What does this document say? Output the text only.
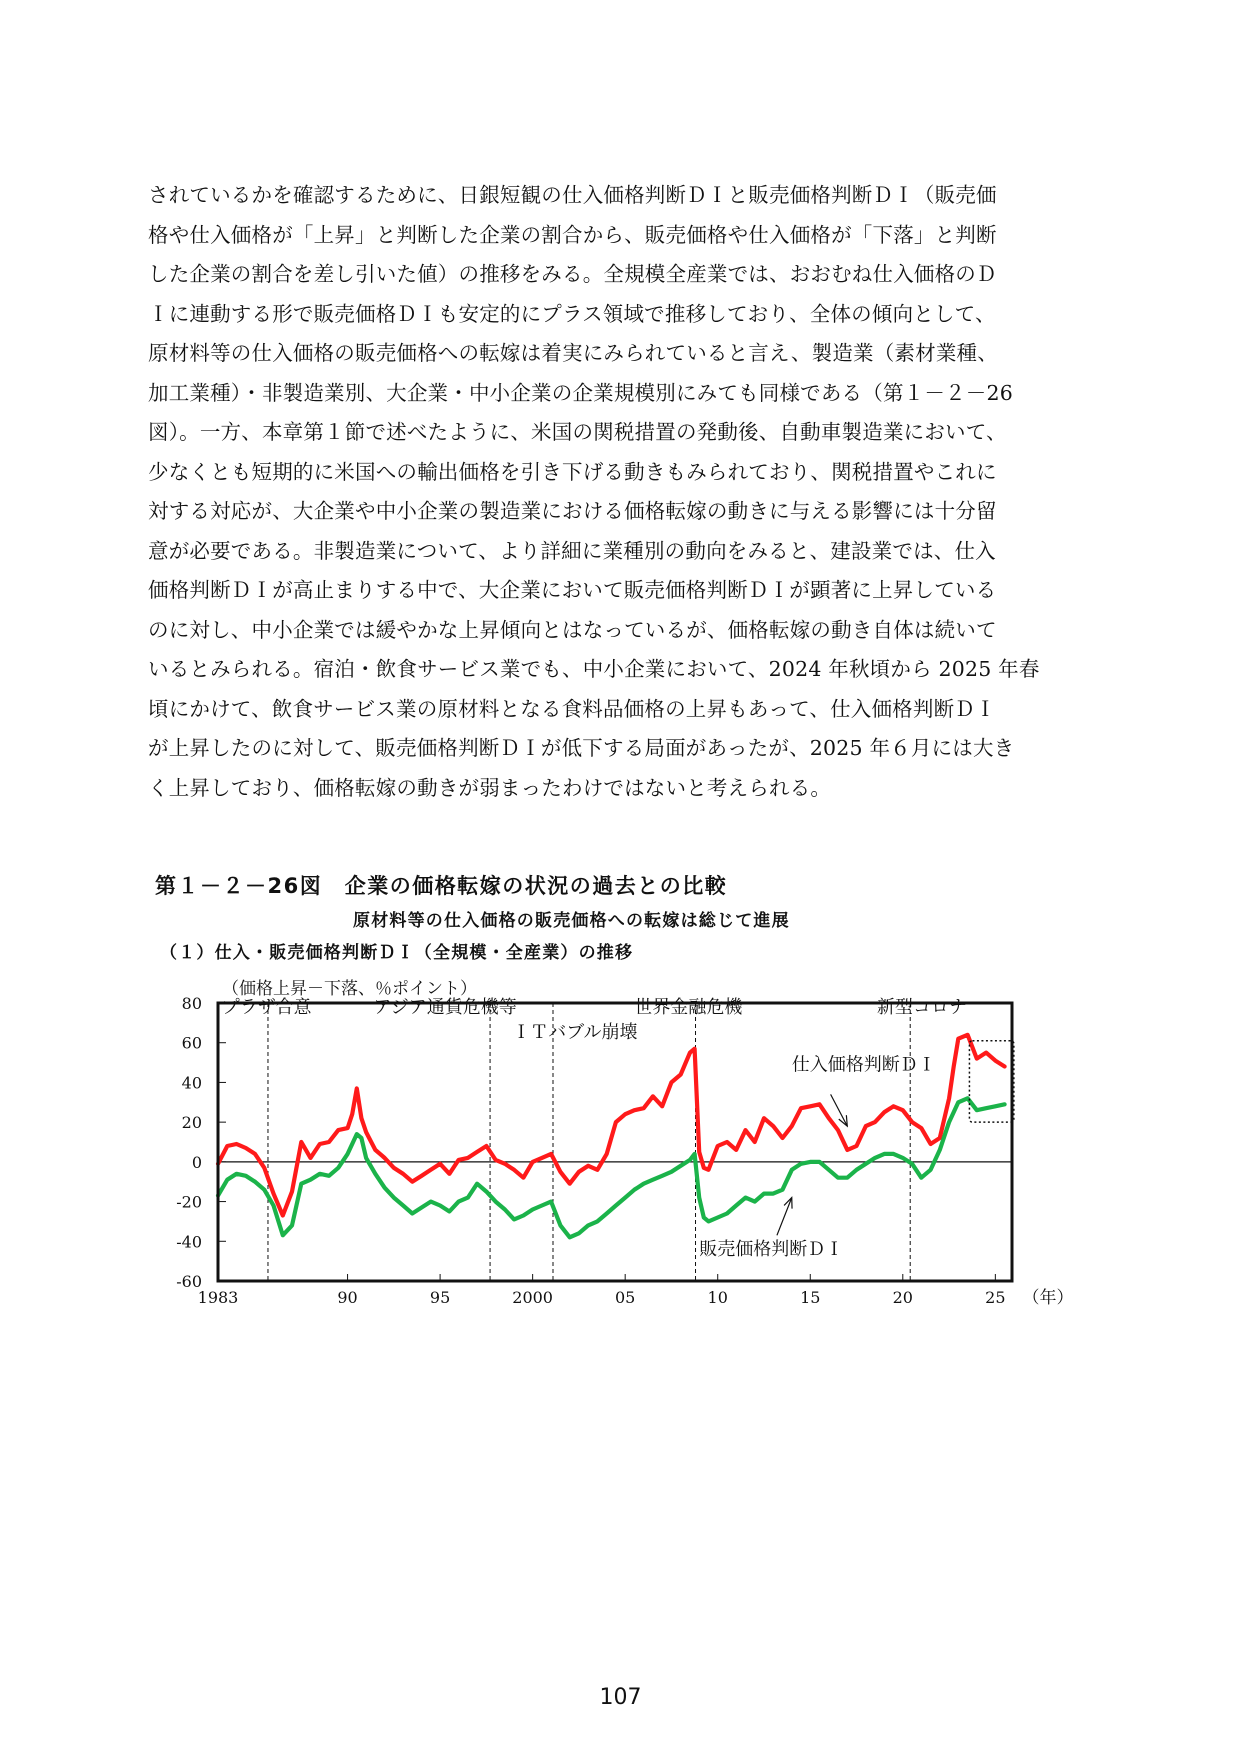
されているかを確認するために、日銀短観の仕入価格判断ＤＩと販売価格判断ＤＩ（販売価
格や仕入価格が「上昇」と判断した企業の割合から、販売価格や仕入価格が「下落」と判断
した企業の割合を差し引いた値）の推移をみる。全規模全産業では、おおむね仕入価格のＤ
Ｉに連動する形で販売価格ＤＩも安定的にプラス領域で推移しており、全体の傾向として、
原材料等の仕入価格の販売価格への転嫁は着実にみられていると言え、製造業（素材業種、
加工業種）・非製造業別、大企業・中小企業の企業規模別にみても同様である（第１－２－26
図）。一方、本章第１節で述べたように、米国の関税措置の発動後、自動車製造業において、
少なくとも短期的に米国への輸出価格を引き下げる動きもみられており、関税措置やこれに
対する対応が、大企業や中小企業の製造業における価格転嫁の動きに与える影響には十分留
意が必要である。非製造業について、より詳細に業種別の動向をみると、建設業では、仕入
価格判断ＤＩが高止まりする中で、大企業において販売価格判断ＤＩが顕著に上昇している
のに対し、中小企業では緩やかな上昇傾向とはなっているが、価格転嫁の動き自体は続いて
いるとみられる。宿泊・飲食サービス業でも、中小企業において、2024 年秋頃から 2025 年春
頃にかけて、飲食サービス業の原材料となる食料品価格の上昇もあって、仕入価格判断ＤＩ
が上昇したのに対して、販売価格判断ＤＩが低下する局面があったが、2025 年６月には大き
く上昇しており、価格転嫁の動きが弱まったわけではないと考えられる。
第１－２－26図　企業の価格転嫁の状況の過去との比較
原材料等の仕入価格の販売価格への転嫁は総じて進展
（１）仕入・販売価格判断ＤＩ（全規模・全産業）の推移
（価格上昇－下落、％ポイント）
80
60
40
20
0
-20
-40
-60
1983	90	95	2000	05	10	15	20	25 （年）
プラザ合意	アジア通貨危機等
ＩＴバブル崩壊
世界金融危機	新型コロナ
仕入価格判断ＤＩ
販売価格判断ＤＩ
107
